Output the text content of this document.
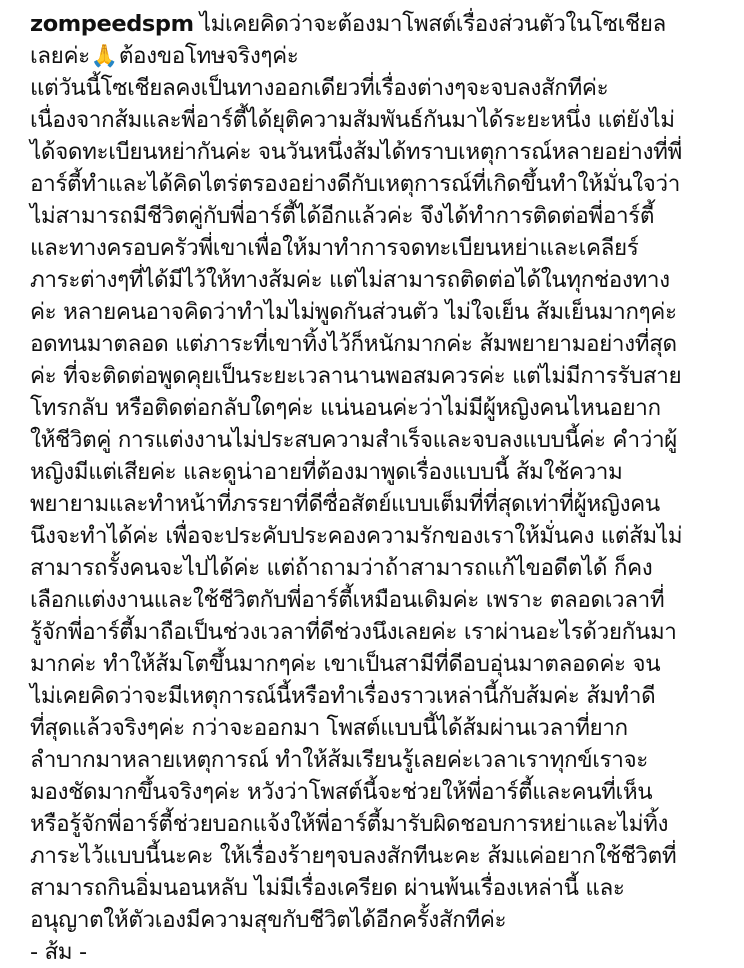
zompeedspm ไม่เคยคิดว่าจะต้องมาโพสต์เรื่องส่วนตัวในโซเชียล
เลยค่ะ🙏ต้องขอโทษจริงๆค่ะ
แต่วันนี้โซเชียลคงเป็นทางออกเดียวที่เรื่องต่างๆจะจบลงสักทีค่ะ
เนื่องจากส้มและพี่อาร์ตี้ได้ยุติความสัมพันธ์กันมาได้ระยะหนึ่ง แต่ยังไม่
ได้จดทะเบียนหย่ากันค่ะ จนวันหนึ่งส้มได้ทราบเหตุการณ์หลายอย่างที่พี่
อาร์ตี้ทำและได้คิดไตร่ตรองอย่างดีกับเหตุการณ์ที่เกิดขึ้นทำให้มั่นใจว่า
ไม่สามารถมีชีวิตคู่กับพี่อาร์ตี้ได้อีกแล้วค่ะ จึงได้ทำการติดต่อพี่อาร์ตี้
และทางครอบครัวพี่เขาเพื่อให้มาทำการจดทะเบียนหย่าและเคลียร์
ภาระต่างๆที่ได้มีไว้ให้ทางส้มค่ะ แต่ไม่สามารถติดต่อได้ในทุกช่องทาง
ค่ะ หลายคนอาจคิดว่าทำไมไม่พูดกันส่วนตัว ไม่ใจเย็น ส้มเย็นมากๆค่ะ
อดทนมาตลอด แต่ภาระที่เขาทิ้งไว้ก็หนักมากค่ะ ส้มพยายามอย่างที่สุด
ค่ะ ที่จะติดต่อพูดคุยเป็นระยะเวลานานพอสมควรค่ะ แต่ไม่มีการรับสาย
โทรกลับ หรือติดต่อกลับใดๆค่ะ แน่นอนค่ะว่าไม่มีผู้หญิงคนไหนอยาก
ให้ชีวิตคู่ การแต่งงานไม่ประสบความสำเร็จและจบลงแบบนี้ค่ะ คำว่าผู้
หญิงมีแต่เสียค่ะ และดูน่าอายที่ต้องมาพูดเรื่องแบบนี้ ส้มใช้ความ
พยายามและทำหน้าที่ภรรยาที่ดีซื่อสัตย์แบบเต็มที่ที่สุดเท่าที่ผู้หญิงคน
นึงจะทำได้ค่ะ เพื่อจะประคับประคองความรักของเราให้มั่นคง แต่ส้มไม่
สามารถรั้งคนจะไปได้ค่ะ แต่ถ้าถามว่าถ้าสามารถแก้ไขอดีตได้ ก็คง
เลือกแต่งงานและใช้ชีวิตกับพี่อาร์ตี้เหมือนเดิมค่ะ เพราะ ตลอดเวลาที่
รู้จักพี่อาร์ตี้มาถือเป็นช่วงเวลาที่ดีช่วงนึงเลยค่ะ เราผ่านอะไรด้วยกันมา
มากค่ะ ทำให้ส้มโตขึ้นมากๆค่ะ เขาเป็นสามีที่ดีอบอุ่นมาตลอดค่ะ จน
ไม่เคยคิดว่าจะมีเหตุการณ์นี้หรือทำเรื่องราวเหล่านี้กับส้มค่ะ ส้มทำดี
ที่สุดแล้วจริงๆค่ะ กว่าจะออกมา โพสต์แบบนี้ได้ส้มผ่านเวลาที่ยาก
ลำบากมาหลายเหตุการณ์ ทำให้ส้มเรียนรู้เลยค่ะเวลาเราทุกข์เราจะ
มองชัดมากขึ้นจริงๆค่ะ หวังว่าโพสต์นี้จะช่วยให้พี่อาร์ตี้และคนที่เห็น
หรือรู้จักพี่อาร์ตี้ช่วยบอกแจ้งให้พี่อาร์ตี้มารับผิดชอบการหย่าและไม่ทิ้ง
ภาระไว้แบบนี้นะคะ ให้เรื่องร้ายๆจบลงสักทีนะคะ ส้มแค่อยากใช้ชีวิตที่
สามารถกินอิ่มนอนหลับ ไม่มีเรื่องเครียด ผ่านพ้นเรื่องเหล่านี้ และ
อนุญาตให้ตัวเองมีความสุขกับชีวิตได้อีกครั้งสักทีค่ะ
- ส้ม -
